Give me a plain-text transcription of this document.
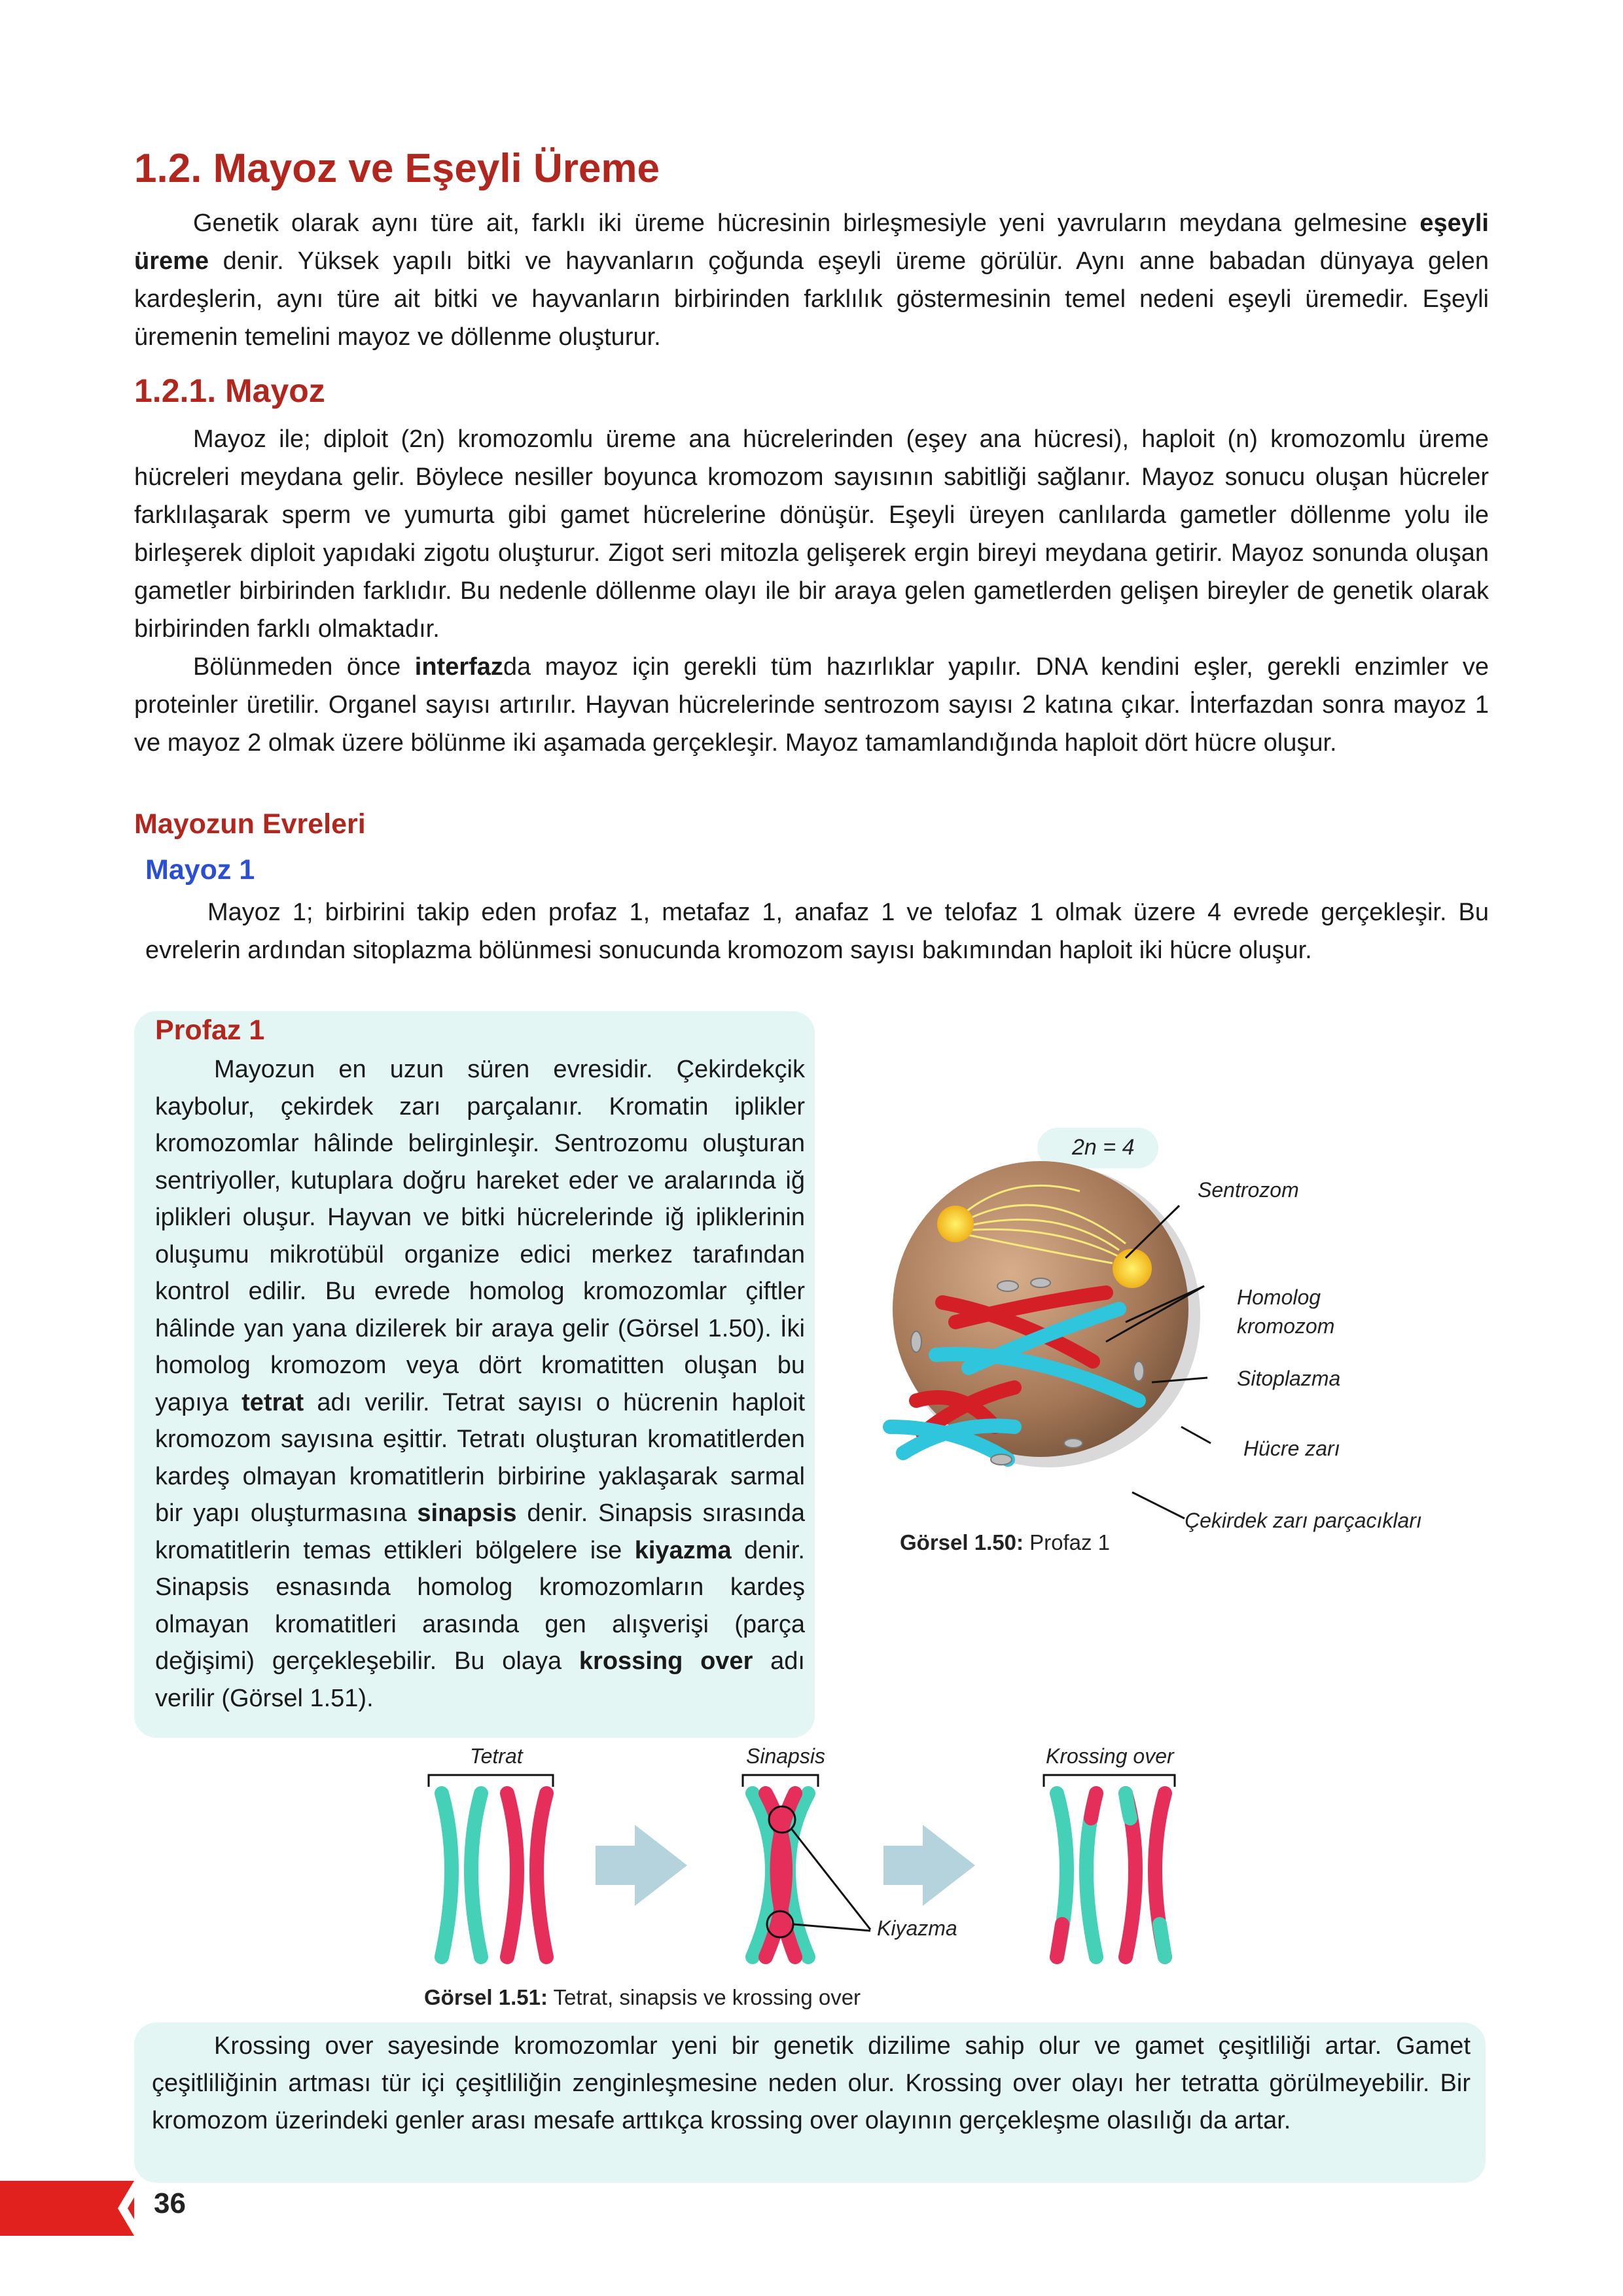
1.2. Mayoz ve Eşeyli Üreme

Genetik olarak aynı türe ait, farklı iki üreme hücresinin birleşmesiyle yeni yavruların meydana gelmesine eşeyli üreme denir. Yüksek yapılı bitki ve hayvanların çoğunda eşeyli üreme görülür. Aynı anne babadan dünyaya gelen kardeşlerin, aynı türe ait bitki ve hayvanların birbirinden farklılık göstermesinin temel nedeni eşeyli üremedir. Eşeyli üremenin temelini mayoz ve döllenme oluşturur.

1.2.1. Mayoz

Mayoz ile; diploit (2n) kromozomlu üreme ana hücrelerinden (eşey ana hücresi), haploit (n) kromozomlu üreme hücreleri meydana gelir. Böylece nesiller boyunca kromozom sayısının sabitliği sağlanır. Mayoz sonucu oluşan hücreler farklılaşarak sperm ve yumurta gibi gamet hücrelerine dönüşür. Eşeyli üreyen canlılarda gametler döllenme yolu ile birleşerek diploit yapıdaki zigotu oluşturur. Zigot seri mitozla gelişerek ergin bireyi meydana getirir. Mayoz sonunda oluşan gametler birbirinden farklıdır. Bu nedenle döllenme olayı ile bir araya gelen gametlerden gelişen bireyler de genetik olarak birbirinden farklı olmaktadır.

Bölünmeden önce interfazda mayoz için gerekli tüm hazırlıklar yapılır. DNA kendini eşler, gerekli enzimler ve proteinler üretilir. Organel sayısı artırılır. Hayvan hücrelerinde sentrozom sayısı 2 katına çıkar. İnterfazdan sonra mayoz 1 ve mayoz 2 olmak üzere bölünme iki aşamada gerçekleşir. Mayoz tamamlandığında haploit dört hücre oluşur.

Mayozun Evreleri
Mayoz 1

Mayoz 1; birbirini takip eden profaz 1, metafaz 1, anafaz 1 ve telofaz 1 olmak üzere 4 evrede gerçekleşir. Bu evrelerin ardından sitoplazma bölünmesi sonucunda kromozom sayısı bakımından haploit iki hücre oluşur.

Profaz 1

Mayozun en uzun süren evresidir. Çekirdekçik kaybolur, çekirdek zarı parçalanır. Kromatin iplikler kromozomlar hâlinde belirginleşir. Sentrozomu oluşturan sentriyoller, kutuplara doğru hareket eder ve aralarında iğ iplikleri oluşur. Hayvan ve bitki hücrelerinde iğ ipliklerinin oluşumu mikrotübül organize edici merkez tarafından kontrol edilir. Bu evrede homolog kromozomlar çiftler hâlinde yan yana dizilerek bir araya gelir (Görsel 1.50). İki homolog kromozom veya dört kromatitten oluşan bu yapıya tetrat adı verilir. Tetrat sayısı o hücrenin haploit kromozom sayısına eşittir. Tetratı oluşturan kromatitlerden kardeş olmayan kromatitlerin birbirine yaklaşarak sarmal bir yapı oluşturmasına sinapsis denir. Sinapsis sırasında kromatitlerin temas ettikleri bölgelere ise kiyazma denir. Sinapsis esnasında homolog kromozomların kardeş olmayan kromatitleri arasında gen alışverişi (parça değişimi) gerçekleşebilir. Bu olaya krossing over adı verilir (Görsel 1.51).

2n = 4
Sentrozom
Homolog kromozom
Sitoplazma
Hücre zarı
Çekirdek zarı parçacıkları
Görsel 1.50: Profaz 1
Tetrat	Sinapsis	Krossing over
Kiyazma
Görsel 1.51: Tetrat, sinapsis ve krossing over

Krossing over sayesinde kromozomlar yeni bir genetik dizilime sahip olur ve gamet çeşitliliği artar. Gamet çeşitliliğinin artması tür içi çeşitliliğin zenginleşmesine neden olur. Krossing over olayı her tetratta görülmeyebilir. Bir kromozom üzerindeki genler arası mesafe arttıkça krossing over olayının gerçekleşme olasılığı da artar.

36
